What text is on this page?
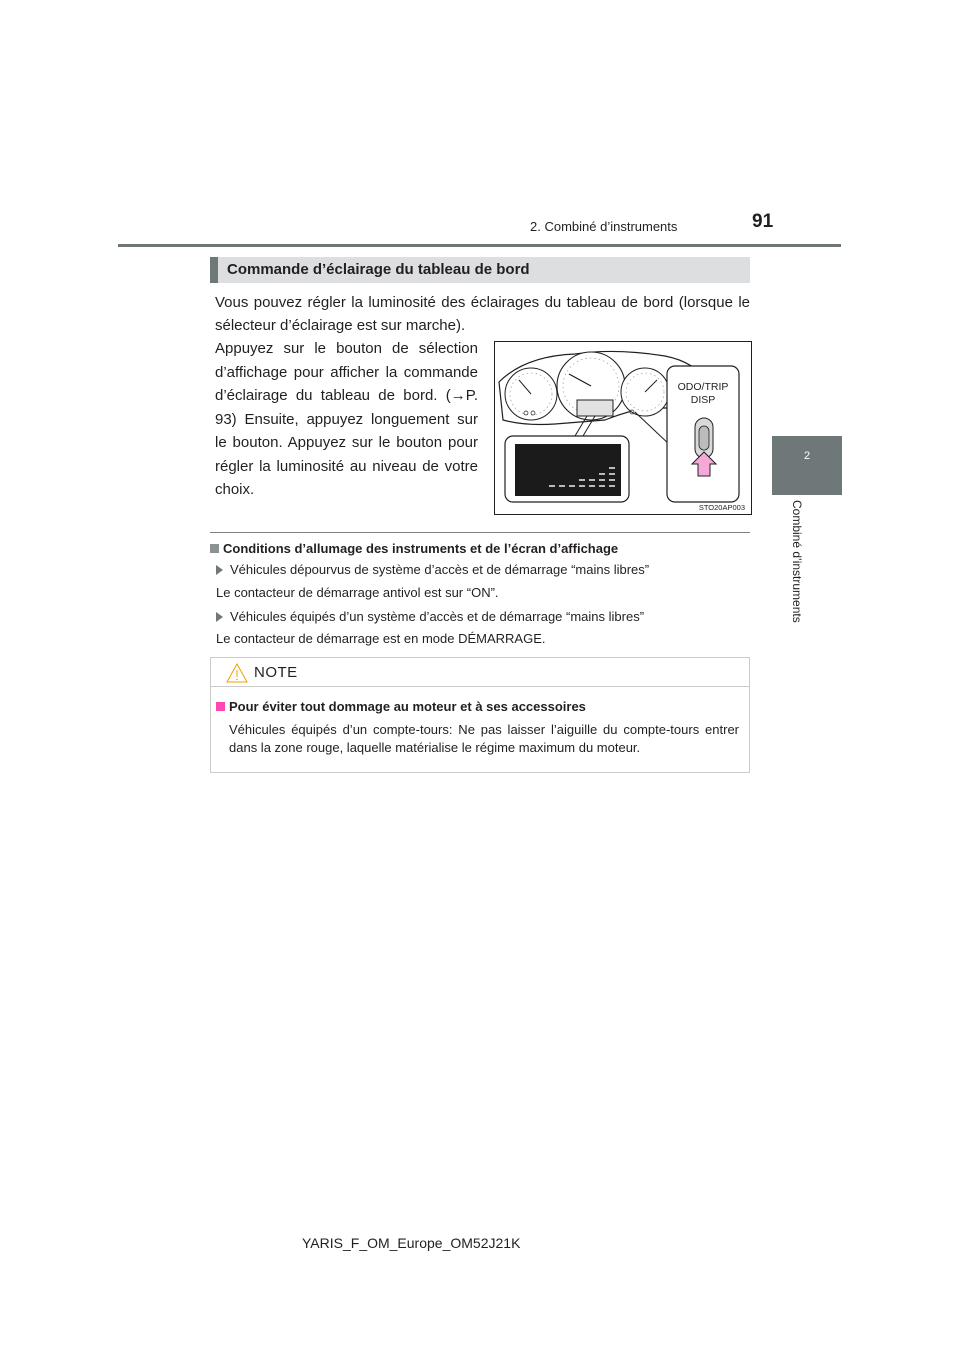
2. Combiné d’instruments	91
2
Combiné d’instruments
Commande d’éclairage du tableau de bord
Vous pouvez régler la luminosité des éclairages du tableau de bord (lorsque le sélecteur d’éclairage est sur marche).
Appuyez sur le bouton de sélection d’affichage pour afficher la commande d’éclairage du tableau de bord. (→P. 93) Ensuite, appuyez longuement sur le bouton. Appuyez sur le bouton pour régler la luminosité au niveau de votre choix.
ODO/TRIP
DISP
STO20AP003
Conditions d’allumage des instruments et de l’écran d’affichage
Véhicules dépourvus de système d’accès et de démarrage “mains libres”
Le contacteur de démarrage antivol est sur “ON”.
Véhicules équipés d’un système d’accès et de démarrage “mains libres”
Le contacteur de démarrage est en mode DÉMARRAGE.
NOTE
Pour éviter tout dommage au moteur et à ses accessoires
Véhicules équipés d’un compte-tours: Ne pas laisser l’aiguille du compte-tours entrer dans la zone rouge, laquelle matérialise le régime maximum du moteur.
YARIS_F_OM_Europe_OM52J21K
